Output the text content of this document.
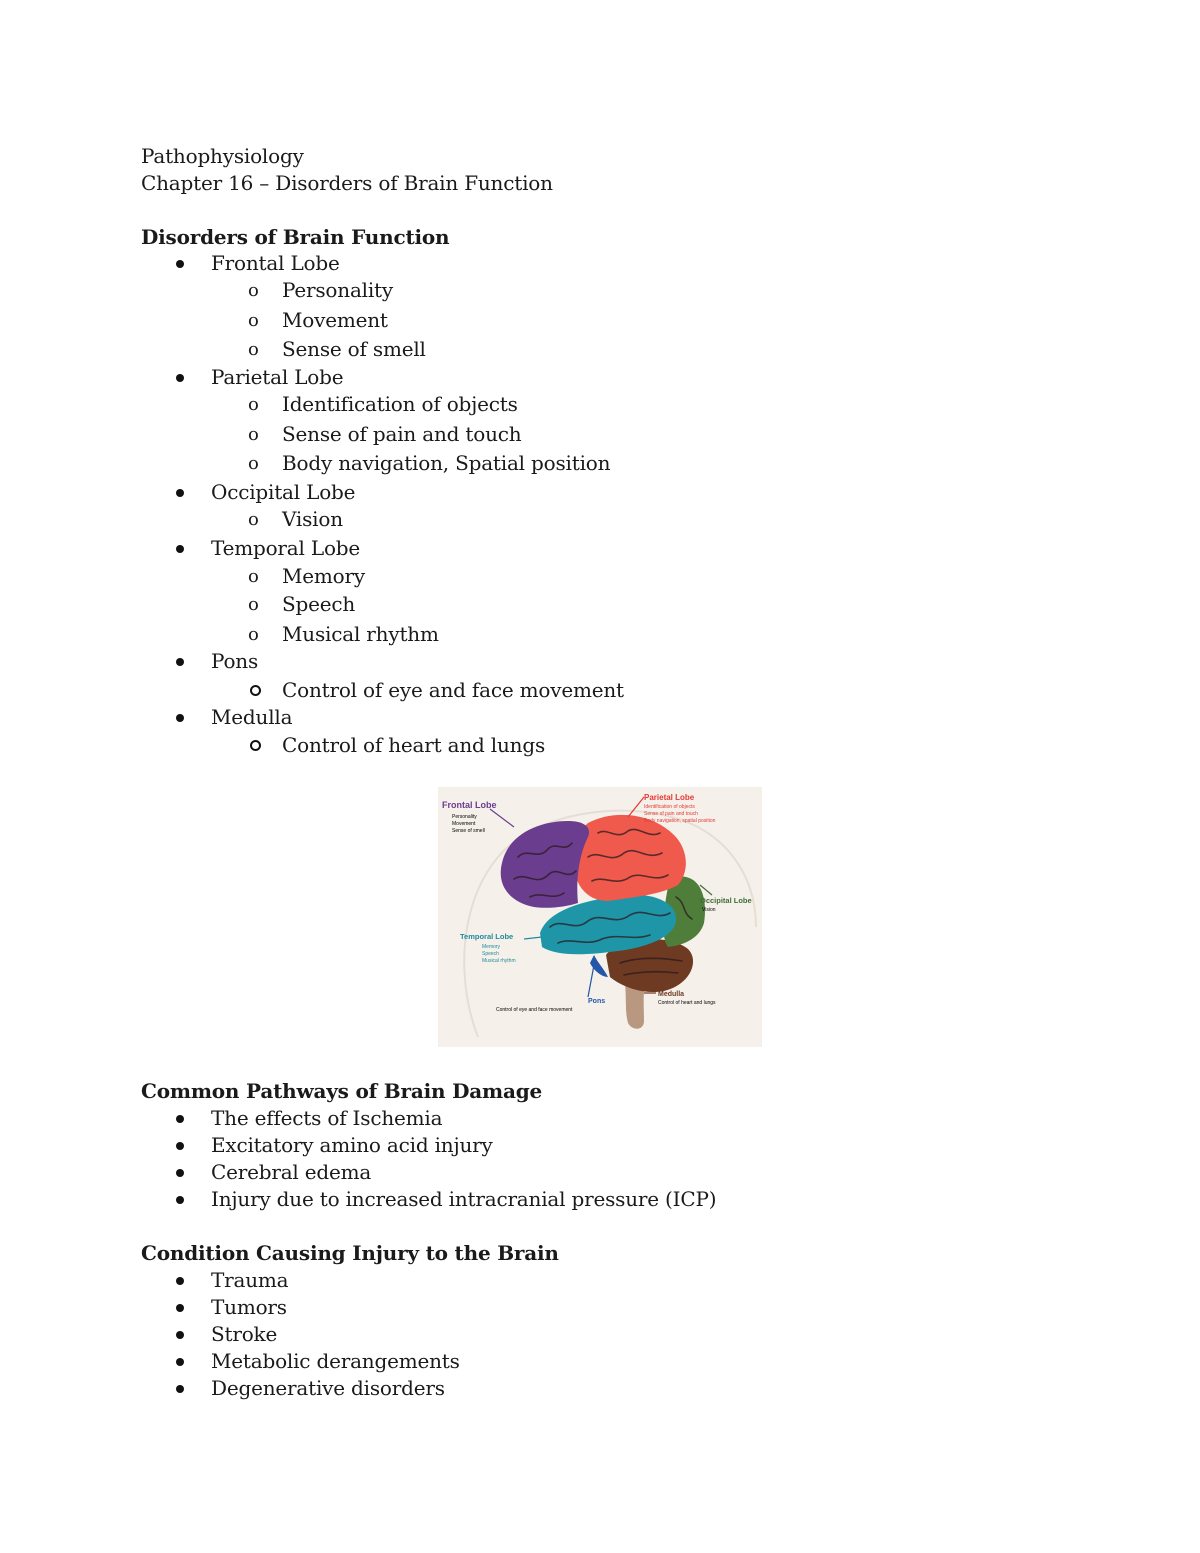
Pathophysiology
Chapter 16 – Disorders of Brain Function
Disorders of Brain Function
Frontal Lobe
o Personality
o Movement
o Sense of smell
Parietal Lobe
o Identification of objects
o Sense of pain and touch
o Body navigation, Spatial position
Occipital Lobe
o Vision
Temporal Lobe
o Memory
o Speech
o Musical rhythm
Pons
Control of eye and face movement
Medulla
Control of heart and lungs
Frontal Lobe
Personality
Movement
Sense of smell
Parietal Lobe
Identification of objects
Sense of pain and touch
Body navigation, spatial position
Occipital Lobe
Vision
Temporal Lobe
Memory
Speech
Musical rhythm
Pons
Control of eye and face movement
Medulla
Control of heart and lungs
Common Pathways of Brain Damage
The effects of Ischemia
Excitatory amino acid injury
Cerebral edema
Injury due to increased intracranial pressure (ICP)
Condition Causing Injury to the Brain
Trauma
Tumors
Stroke
Metabolic derangements
Degenerative disorders
